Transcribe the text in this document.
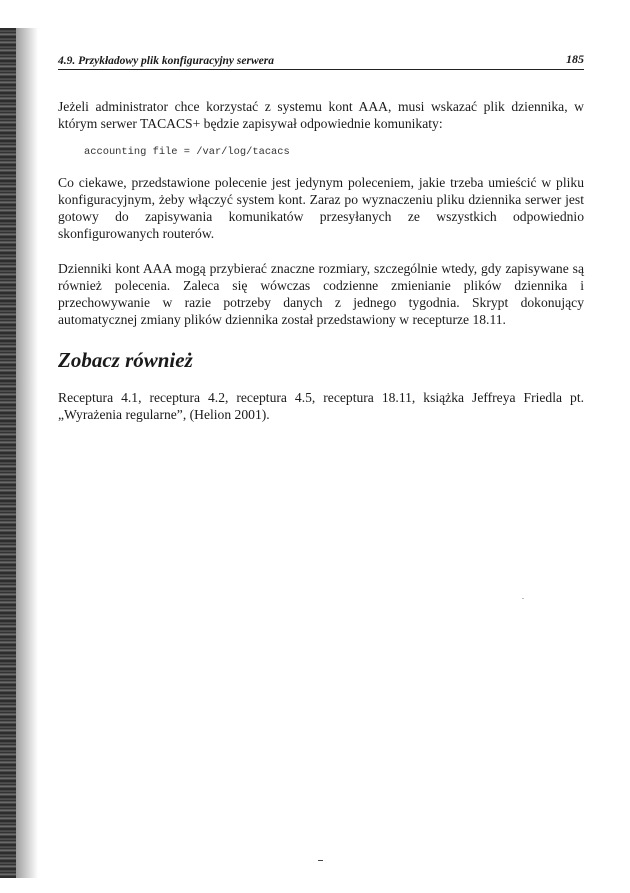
4.9. Przykładowy plik konfiguracyjny serwera	185

Jeżeli administrator chce korzystać z systemu kont AAA, musi wskazać plik dziennika, w którym serwer TACACS+ będzie zapisywał odpowiednie komunikaty:

accounting file = /var/log/tacacs

Co ciekawe, przedstawione polecenie jest jedynym poleceniem, jakie trzeba umieścić w pliku konfiguracyjnym, żeby włączyć system kont. Zaraz po wyznaczeniu pliku dziennika serwer jest gotowy do zapisywania komunikatów przesyłanych ze wszystkich odpowiednio skonfigurowanych routerów.

Dzienniki kont AAA mogą przybierać znaczne rozmiary, szczególnie wtedy, gdy zapisywane są również polecenia. Zaleca się wówczas codzienne zmienianie plików dziennika i przechowywanie w razie potrzeby danych z jednego tygodnia. Skrypt dokonujący automatycznej zmiany plików dziennika został przedstawiony w recepturze 18.11.

Zobacz również

Receptura 4.1, receptura 4.2, receptura 4.5, receptura 18.11, książka Jeffreya Friedla pt. „Wyrażenia regularne”, (Helion 2001).
